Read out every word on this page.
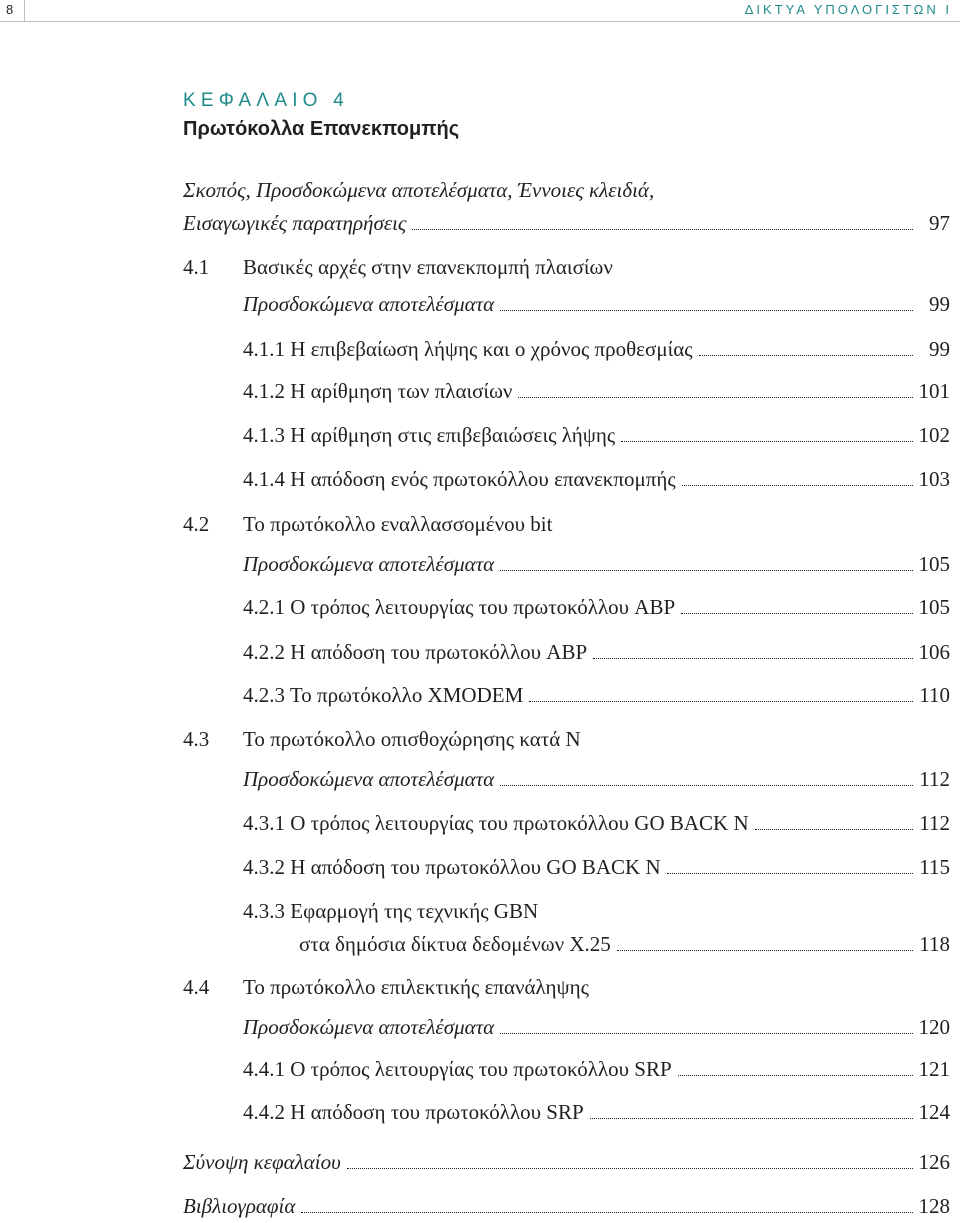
8	ΔΙΚΤΥΑ ΥΠΟΛΟΓΙΣΤΩΝ Ι
ΚΕΦΑΛΑΙΟ 4
Πρωτόκολλα Επανεκπομπής
Σκοπός, Προσδοκώμενα αποτελέσματα, Έννοιες κλειδιά,
Εισαγωγικές παρατηρήσεις	97
4.1 Βασικές αρχές στην επανεκπομπή πλαισίων
Προσδοκώμενα αποτελέσματα	99
4.1.1 Η επιβεβαίωση λήψης και ο χρόνος προθεσμίας	99
4.1.2 Η αρίθμηση των πλαισίων	101
4.1.3 Η αρίθμηση στις επιβεβαιώσεις λήψης	102
4.1.4 Η απόδοση ενός πρωτοκόλλου επανεκπομπής	103
4.2 Το πρωτόκολλο εναλλασσομένου bit
Προσδοκώμενα αποτελέσματα	105
4.2.1 Ο τρόπος λειτουργίας του πρωτοκόλλου ABP	105
4.2.2 Η απόδοση του πρωτοκόλλου ABP	106
4.2.3 Το πρωτόκολλο XMODEM	110
4.3 Το πρωτόκολλο οπισθοχώρησης κατά Ν
Προσδοκώμενα αποτελέσματα	112
4.3.1 Ο τρόπος λειτουργίας του πρωτοκόλλου GO BACK N	112
4.3.2 Η απόδοση του πρωτοκόλλου GO BACK N	115
4.3.3 Εφαρμογή της τεχνικής GBN
στα δημόσια δίκτυα δεδομένων X.25	118
4.4 Το πρωτόκολλο επιλεκτικής επανάληψης
Προσδοκώμενα αποτελέσματα	120
4.4.1 Ο τρόπος λειτουργίας του πρωτοκόλλου SRP	121
4.4.2 Η απόδοση του πρωτοκόλλου SRP	124
Σύνοψη κεφαλαίου	126
Βιβλιογραφία	128
